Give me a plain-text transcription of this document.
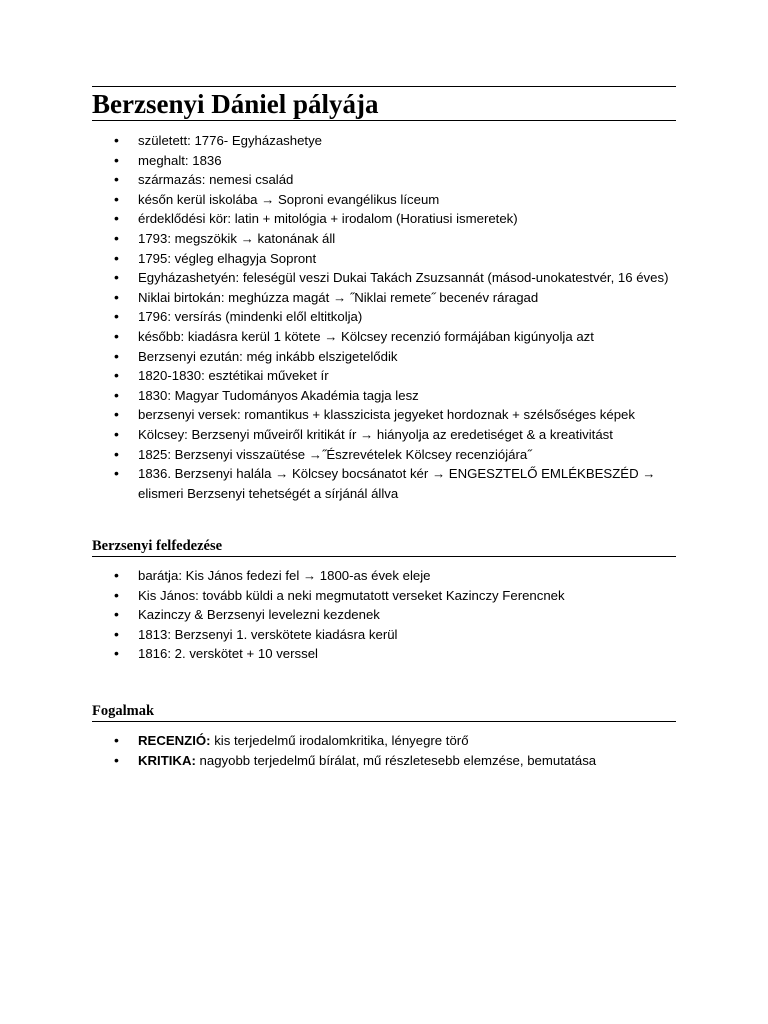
Berzsenyi Dániel pályája
• született: 1776- Egyházashetye
• meghalt: 1836
• származás: nemesi család
• későn kerül iskolába → Soproni evangélikus líceum
• érdeklődési kör: latin + mitológia + irodalom (Horatiusi ismeretek)
• 1793: megszökik → katonának áll
• 1795: végleg elhagyja Sopront
• Egyházashetyén: feleségül veszi Dukai Takách Zsuzsannát (másod-unokatestvér, 16 éves)
• Niklai birtokán: meghúzza magát → ˝Niklai remete˝ becenév ráragad
• 1796: versírás (mindenki elől eltitkolja)
• később: kiadásra kerül 1 kötete → Kölcsey recenzió formájában kigúnyolja azt
• Berzsenyi ezután: még inkább elszigetelődik
• 1820-1830: esztétikai műveket ír
• 1830: Magyar Tudományos Akadémia tagja lesz
• berzsenyi versek: romantikus + klasszicista jegyeket hordoznak + szélsőséges képek
• Kölcsey: Berzsenyi műveiről kritikát ír → hiányolja az eredetiséget & a kreativitást
• 1825: Berzsenyi visszaütése →˝Észrevételek Kölcsey recenziójára˝
• 1836. Berzsenyi halála → Kölcsey bocsánatot kér → ENGESZTELŐ EMLÉKBESZÉD → elismeri Berzsenyi tehetségét a sírjánál állva
Berzsenyi felfedezése
• barátja: Kis János fedezi fel → 1800-as évek eleje
• Kis János: tovább küldi a neki megmutatott verseket Kazinczy Ferencnek
• Kazinczy & Berzsenyi levelezni kezdenek
• 1813: Berzsenyi 1. verskötete kiadásra kerül
• 1816: 2. verskötet + 10 verssel
Fogalmak
• RECENZIÓ: kis terjedelmű irodalomkritika, lényegre törő
• KRITIKA: nagyobb terjedelmű bírálat, mű részletesebb elemzése, bemutatása
